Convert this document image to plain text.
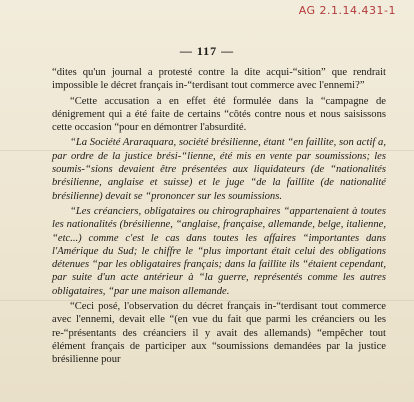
AG 2.1.14.431-1
— 117 —

“dites qu'un journal a protesté contre la dite acqui-“sition” que rendrait impossible le décret français in-“terdisant tout commerce avec l'ennemi?”

“Cette accusation a en effet été formulée dans la “campagne de dénigrement qui a été faite de certains “côtés contre nous et nous saisissons cette occasion “pour en démontrer l'absurdité.

“La Société Araraquara, société brésilienne, étant “en faillite, son actif a, par ordre de la justice brési-“lienne, été mis en vente par soumissions; les soumis-“sions devaient être présentées aux liquidateurs (de “nationalités brésilienne, anglaise et suisse) et le juge “de la faillite (de nationalité brésilienne) devait se “prononcer sur les soumissions.

“Les créanciers, obligataires ou chirographaires “appartenaient à toutes les nationalités (brésilienne, “anglaise, française, allemande, belge, italienne, “etc...) comme c'est le cas dans toutes les affaires “importantes dans l'Amérique du Sud; le chiffre le “plus important était celui des obligations détenues “par les obligataires français; dans la faillite ils “étaient cependant, par suite d'un acte antérieur à “la guerre, représentés comme les autres obligataires, “par une maison allemande.

“Ceci posé, l'observation du décret français in-“terdisant tout commerce avec l'ennemi, devait elle “(en vue du fait que parmi les créanciers ou les re-“présentants des créanciers il y avait des allemands) “empêcher tout élément français de participer aux “soumissions demandées par la justice brésilienne pour
